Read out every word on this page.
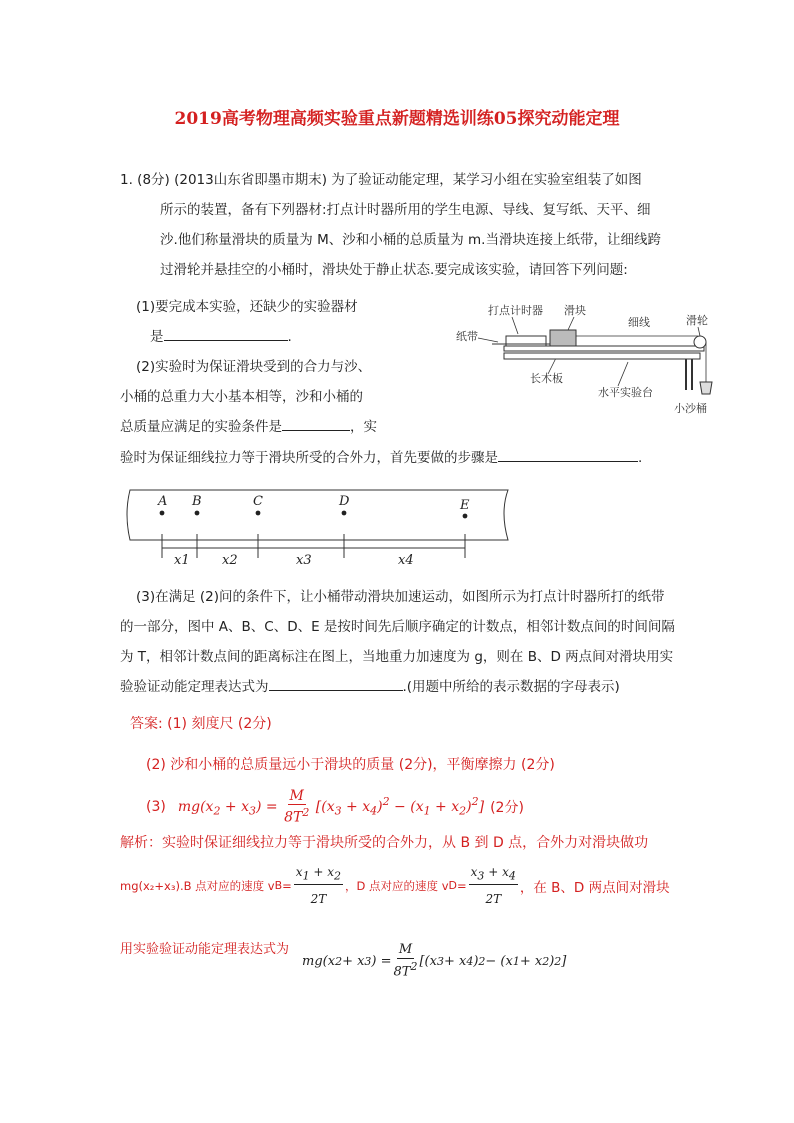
2019高考物理高频实验重点新题精选训练05探究动能定理
1. (8分) (2013山东省即墨市期末) 为了验证动能定理，某学习小组在实验室组装了如图
所示的装置，备有下列器材:打点计时器所用的学生电源、导线、复写纸、天平、细
沙.他们称量滑块的质量为 M、沙和小桶的总质量为 m.当滑块连接上纸带，让细线跨
过滑轮并悬挂空的小桶时，滑块处于静止状态.要完成该实验，请回答下列问题:
(1)要完成本实验，还缺少的实验器材
是	.
(2)实验时为保证滑块受到的合力与沙、
小桶的总重力大小基本相等，沙和小桶的
总质量应满足的实验条件是	，实
验时为保证细线拉力等于滑块所受的合外力，首先要做的步骤是	.
打点计时器 滑块
细线	滑轮
纸带
长木板
水平实验台
小沙桶
A B	C	D	E
x1 x2	x3	x4
(3)在满足 (2)问的条件下，让小桶带动滑块加速运动，如图所示为打点计时器所打的纸带
的一部分，图中 A、B、C、D、E 是按时间先后顺序确定的计数点，相邻计数点间的时间间隔
为 T，相邻计数点间的距离标注在图上，当地重力加速度为 g，则在 B、D 两点间对滑块用实
验验证动能定理表达式为	.(用题中所给的表示数据的字母表示)
答案: (1) 刻度尺 (2分)
(2) 沙和小桶的总质量远小于滑块的质量 (2分)，平衡摩擦力 (2分)
(3) $mg(x_2 + x_3) = \frac{M}{8T^2} [(x_3 + x_4)^2 - (x_1 + x_2)^2]$ (2分)
解析：实验时保证细线拉力等于滑块所受的合外力，从 B 到 D 点，合外力对滑块做功
mg(x₂+x₃).B 点对应的速度 v $B = \frac{x_1 + x_2}{2T}$ ，D 点对应的速度 v $D = \frac{x_3 + x_4}{2T}$ ，在 B、D 两点间对滑块
用实验验证动能定理表达式为
mg(x 2 + x 3 ) = $\frac{M}{8T^2} [(x$ 3 + x 4 ) 2 − (x 1 + x 2 ) 2 ]
